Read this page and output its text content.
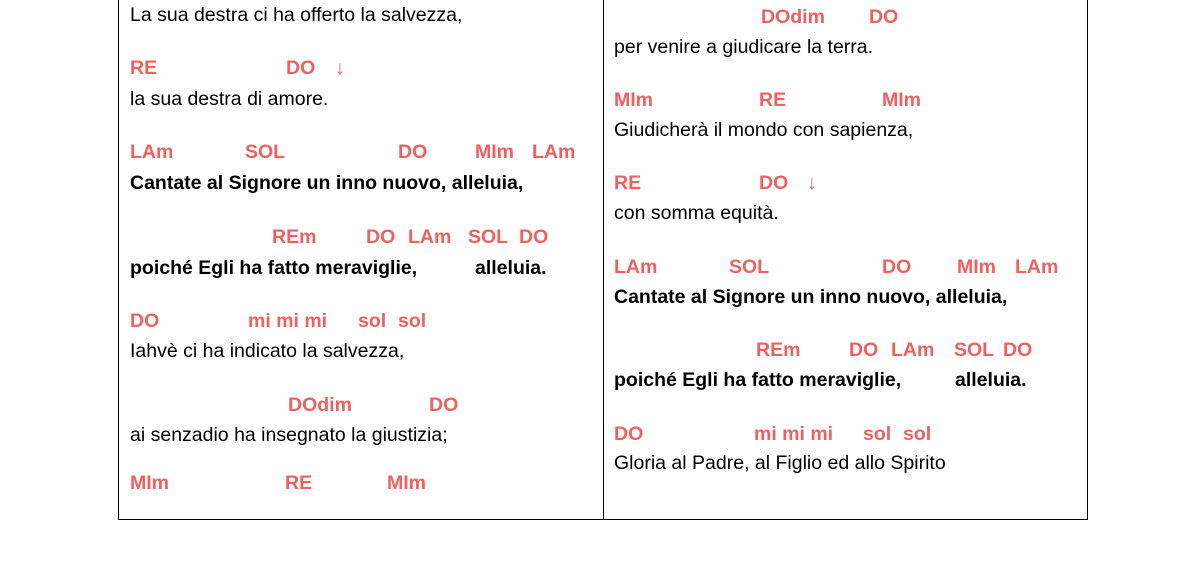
La sua destra ci ha offerto la salvezza,

RE

	DO

↓

la sua destra di amore.

LAm

	SOL

	DO

MIm

LAm

Cantate al Signore un inno nuovo, alleluia,

REm

	DO

LAm

SOL

DO

poiché Egli ha fatto meraviglie,

	alleluia.

DO

	mi mi mi

sol

sol

Iahvè ci ha indicato la salvezza,

DOdim

	DO

ai senzadio ha insegnato la giustizia;

MIm

	RE

	MIm

DOdim

DO

per venire a giudicare la terra.

MIm

	RE

	MIm

Giudicherà il mondo con sapienza,

RE

	DO

↓

con somma equità.

LAm

	SOL

	DO

MIm

LAm

Cantate al Signore un inno nuovo, alleluia,

REm

DO

LAm

SOL

DO

poiché Egli ha fatto meraviglie,

	alleluia.

DO

	mi mi mi

sol

sol

Gloria al Padre, al Figlio ed allo Spirito
